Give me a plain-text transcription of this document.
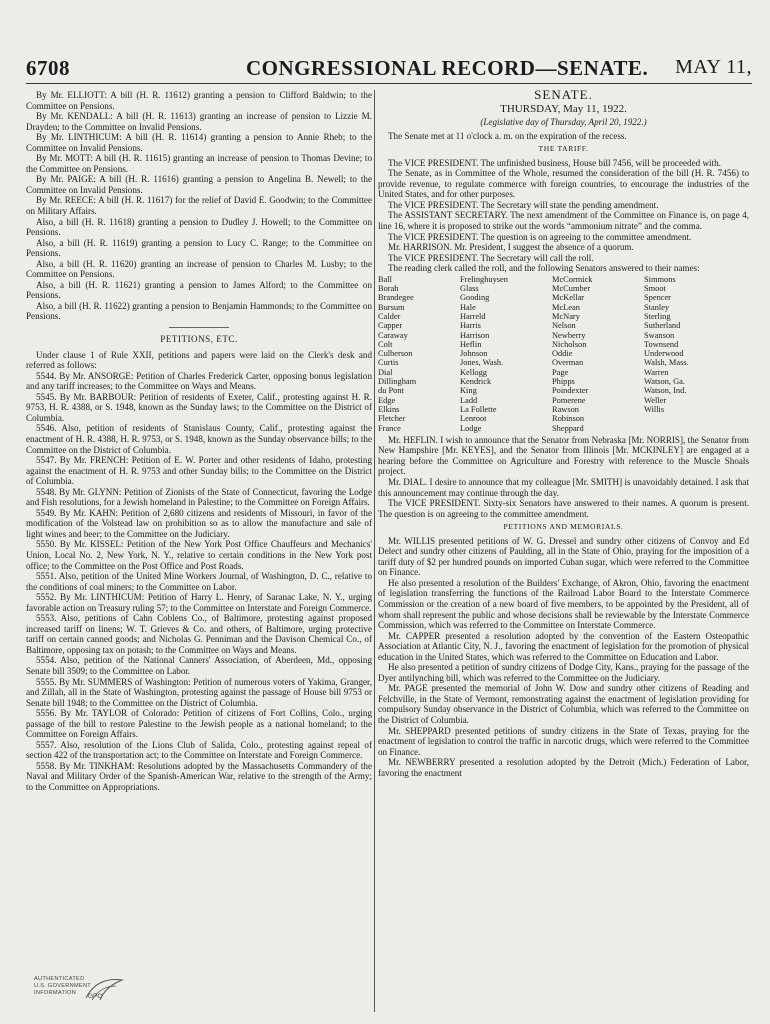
6708	CONGRESSIONAL RECORD—SENATE. MAY 11,

By Mr. ELLIOTT: A bill (H. R. 11612) granting a pension to Clifford Baldwin; to the Committee on Pensions.

By Mr. KENDALL: A bill (H. R. 11613) granting an increase of pension to Lizzie M. Drayden; to the Committee on Invalid Pensions.

By Mr. LINTHICUM: A bill (H. R. 11614) granting a pension to Annie Rheb; to the Committee on Invalid Pensions.

By Mr. MOTT: A bill (H. R. 11615) granting an increase of pension to Thomas Devine; to the Committee on Pensions.

By Mr. PAIGE: A bill (H. R. 11616) granting a pension to Angelina B. Newell; to the Committee on Invalid Pensions.

By Mr. REECE: A bill (H. R. 11617) for the relief of David E. Goodwin; to the Committee on Military Affairs.

Also, a bill (H. R. 11618) granting a pension to Dudley J. Howell; to the Committee on Pensions.

Also, a bill (H. R. 11619) granting a pension to Lucy C. Range; to the Committee on Pensions.

Also, a bill (H. R. 11620) granting an increase of pension to Charles M. Lusby; to the Committee on Pensions.

Also, a bill (H. R. 11621) granting a pension to James Alford; to the Committee on Pensions.

Also, a bill (H. R. 11622) granting a pension to Benjamin Hammonds; to the Committee on Pensions.

PETITIONS, ETC.

Under clause 1 of Rule XXII, petitions and papers were laid on the Clerk's desk and referred as follows:

5544. By Mr. ANSORGE: Petition of Charles Frederick Carter, opposing bonus legislation and any tariff increases; to the Committee on Ways and Means.

5545. By Mr. BARBOUR: Petition of residents of Exeter, Calif., protesting against H. R. 9753, H. R. 4388, or S. 1948, known as the Sunday laws; to the Committee on the District of Columbia.

5546. Also, petition of residents of Stanislaus County, Calif., protesting against the enactment of H. R. 4388, H. R. 9753, or S. 1948, known as the Sunday observance bills; to the Committee on the District of Columbia.

5547. By Mr. FRENCH: Petition of E. W. Porter and other residents of Idaho, protesting against the enactment of H. R. 9753 and other Sunday bills; to the Committee on the District of Columbia.

5548. By Mr. GLYNN: Petition of Zionists of the State of Connecticut, favoring the Lodge and Fish resolutions, for a Jewish homeland in Palestine; to the Committee on Foreign Affairs.

5549. By Mr. KAHN: Petition of 2,680 citizens and residents of Missouri, in favor of the modification of the Volstead law on prohibition so as to allow the manufacture and sale of light wines and beer; to the Committee on the Judiciary.

5550. By Mr. KISSEL: Petition of the New York Post Office Chauffeurs and Mechanics' Union, Local No. 2, New York, N. Y., relative to certain conditions in the New York post office; to the Committee on the Post Office and Post Roads.

5551. Also, petition of the United Mine Workers Journal, of Washington, D. C., relative to the conditions of coal miners; to the Committee on Labor.

5552. By Mr. LINTHICUM: Petition of Harry L. Henry, of Saranac Lake, N. Y., urging favorable action on Treasury ruling 57; to the Committee on Interstate and Foreign Commerce.

5553. Also, petitions of Cahn Coblens Co., of Baltimore, protesting against proposed increased tariff on linens; W. T. Grieves & Co. and others, of Baltimore, urging protective tariff on certain canned goods; and Nicholas G. Penniman and the Davison Chemical Co., of Baltimore, opposing tax on potash; to the Committee on Ways and Means.

5554. Also, petition of the National Canners' Association, of Aberdeen, Md., opposing Senate bill 3509; to the Committee on Labor.

5555. By Mr. SUMMERS of Washington: Petition of numerous voters of Yakima, Granger, and Zillah, all in the State of Washington, protesting against the passage of House bill 9753 or Senate bill 1948; to the Committee on the District of Columbia.

5556. By Mr. TAYLOR of Colorado: Petition of citizens of Fort Collins, Colo., urging passage of the bill to restore Palestine to the Jewish people as a national homeland; to the Committee on Foreign Affairs.

5557. Also, resolution of the Lions Club of Salida, Colo., protesting against repeal of section 422 of the transportation act; to the Committee on Interstate and Foreign Commerce.

5558. By Mr. TINKHAM: Resolutions adopted by the Massachusetts Commandery of the Naval and Military Order of the Spanish-American War, relative to the strength of the Army; to the Committee on Appropriations.

SENATE.
THURSDAY, May 11, 1922.
(Legislative day of Thursday, April 20, 1922.)

The Senate met at 11 o'clock a. m. on the expiration of the recess.

THE TARIFF.

The VICE PRESIDENT. The unfinished business, House bill 7456, will be proceeded with.

The Senate, as in Committee of the Whole, resumed the consideration of the bill (H. R. 7456) to provide revenue, to regulate commerce with foreign countries, to encourage the industries of the United States, and for other purposes.

The VICE PRESIDENT. The Secretary will state the pending amendment.

The ASSISTANT SECRETARY. The next amendment of the Committee on Finance is, on page 4, line 16, where it is proposed to strike out the words “ammonium nitrate” and the comma.

The VICE PRESIDENT. The question is on agreeing to the committee amendment.

Mr. HARRISON. Mr. President, I suggest the absence of a quorum.

The VICE PRESIDENT. The Secretary will call the roll.

The reading clerk called the roll, and the following Senators answered to their names:

Ball	Frelinghuysen	McCormick	Simmons
Borah	Glass	McCumber	Smoot
Brandegee	Gooding	McKellar	Spencer
Bursum	Hale	McLean	Stanley
Calder	Harreld	McNary	Sterling
Capper	Harris	Nelson	Sutherland
Caraway	Harrison	Newberry	Swanson
Colt	Heflin	Nicholson	Townsend
Culberson	Johnson	Oddie	Underwood
Curtis	Jones, Wash.	Overman	Walsh, Mass.
Dial	Kellogg	Page	Warren
Dillingham	Kendrick	Phipps	Watson, Ga.
du Pont	King	Poindexter	Watson, Ind.
Edge	Ladd	Pomerene	Weller
Elkins	La Follette	Rawson	Willis
Fletcher	Lenroot	Robinson
France	Lodge	Sheppard

Mr. HEFLIN. I wish to announce that the Senator from Nebraska [Mr. NORRIS], the Senator from New Hampshire [Mr. KEYES], and the Senator from Illinois [Mr. MCKINLEY] are engaged at a hearing before the Committee on Agriculture and Forestry with reference to the Muscle Shoals project.

Mr. DIAL. I desire to announce that my colleague [Mr. SMITH] is unavoidably detained. I ask that this announcement may continue through the day.

The VICE PRESIDENT. Sixty-six Senators have answered to their names. A quorum is present. The question is on agreeing to the committee amendment.

PETITIONS AND MEMORIALS.

Mr. WILLIS presented petitions of W. G. Dressel and sundry other citizens of Convoy and Ed Delect and sundry other citizens of Paulding, all in the State of Ohio, praying for the imposition of a tariff duty of $2 per hundred pounds on imported Cuban sugar, which were referred to the Committee on Finance.

He also presented a resolution of the Builders' Exchange, of Akron, Ohio, favoring the enactment of legislation transferring the functions of the Railroad Labor Board to the Interstate Commerce Commission or the creation of a new board of five members, to be appointed by the President, all of whom shall represent the public and whose decisions shall be reviewable by the Interstate Commerce Commission, which was referred to the Committee on Interstate Commerce.

Mr. CAPPER presented a resolution adopted by the convention of the Eastern Osteopathic Association at Atlantic City, N. J., favoring the enactment of legislation for the promotion of physical education in the United States, which was referred to the Committee on Education and Labor.

He also presented a petition of sundry citizens of Dodge City, Kans., praying for the passage of the Dyer antilynching bill, which was referred to the Committee on the Judiciary.

Mr. PAGE presented the memorial of John W. Dow and sundry other citizens of Reading and Felchville, in the State of Vermont, remonstrating against the enactment of legislation providing for compulsory Sunday observance in the District of Columbia, which was referred to the Committee on the District of Columbia.

Mr. SHEPPARD presented petitions of sundry citizens in the State of Texas, praying for the enactment of legislation to control the traffic in narcotic drugs, which were referred to the Committee on Finance.

Mr. NEWBERRY presented a resolution adopted by the Detroit (Mich.) Federation of Labor, favoring the enactment

AUTHENTICATED
U.S. GOVERNMENT
INFORMATION	GPO
